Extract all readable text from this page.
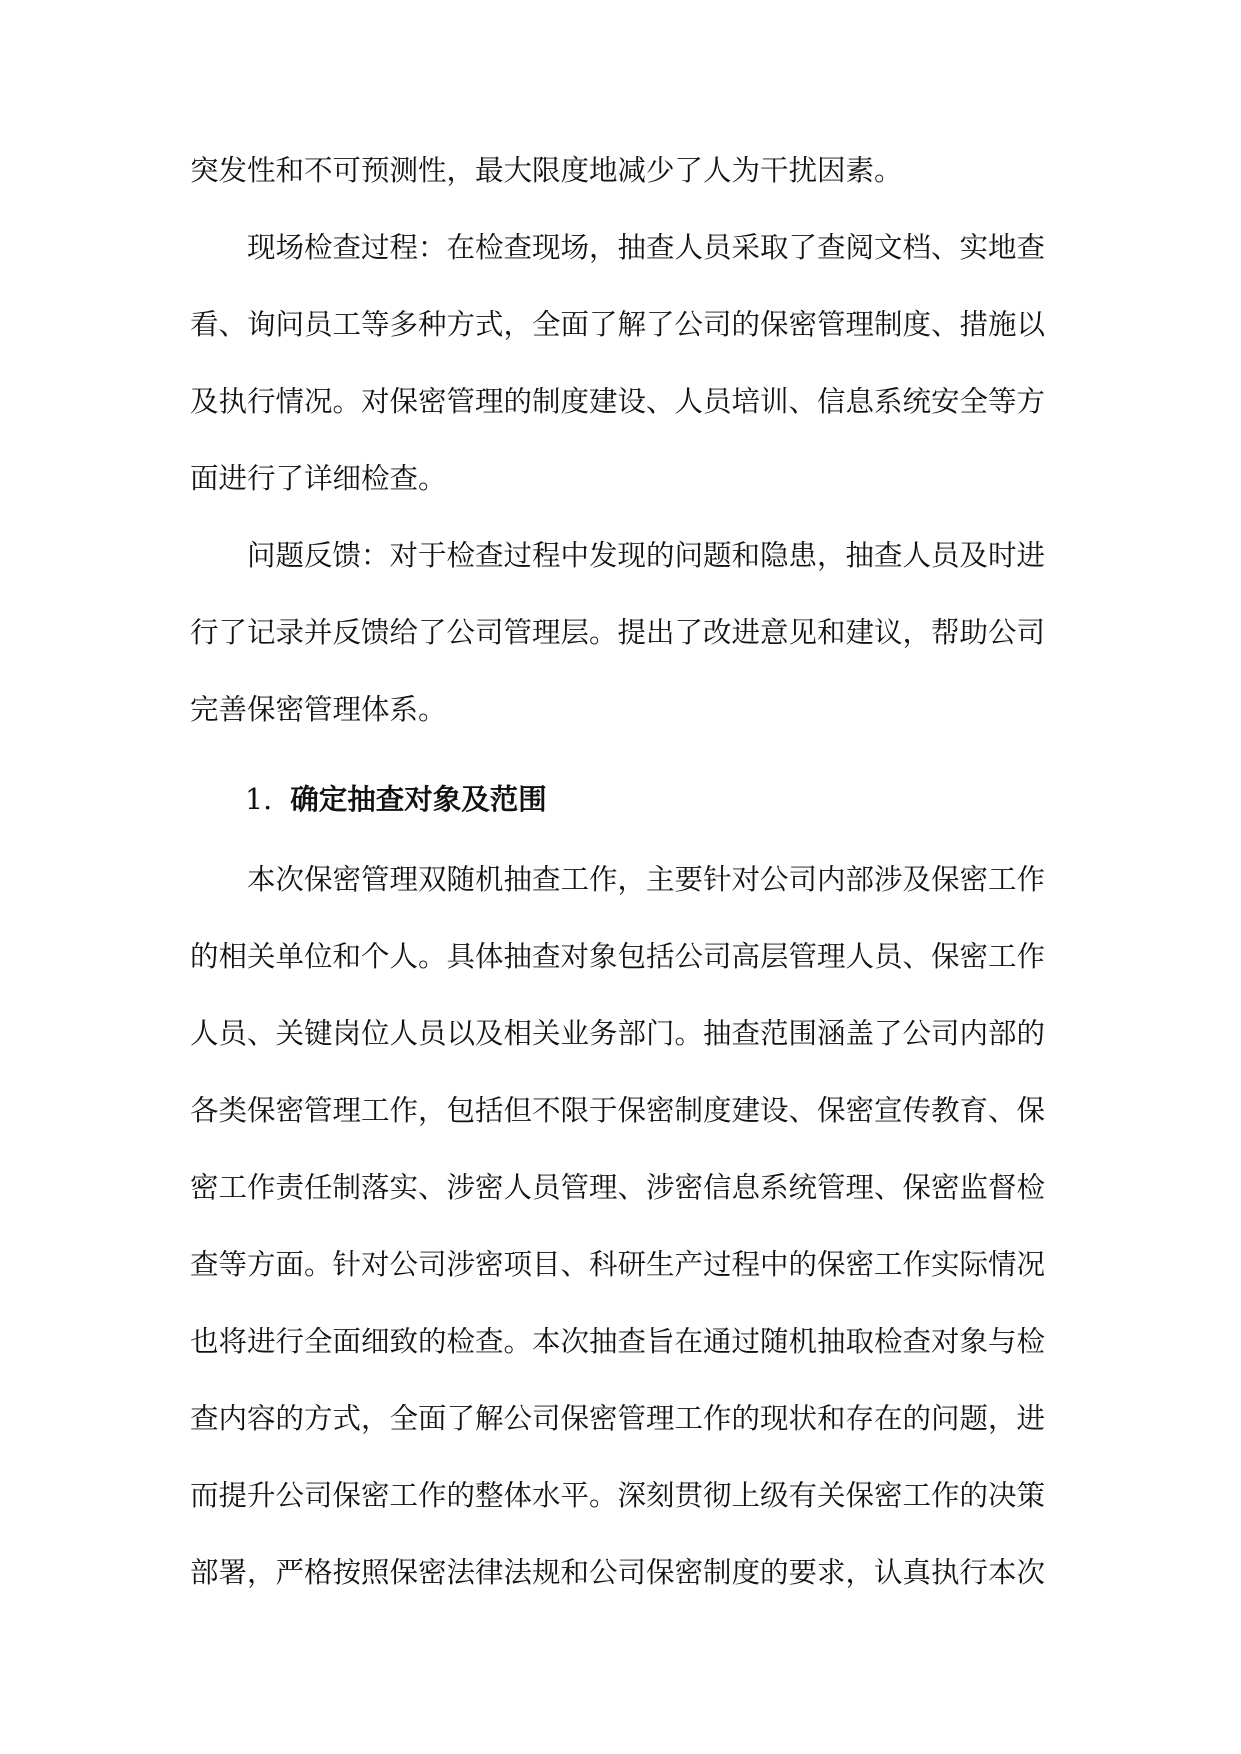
突发性和不可预测性，最大限度地减少了人为干扰因素。
现场检查过程：在检查现场，抽查人员采取了查阅文档、实地查
看、询问员工等多种方式，全面了解了公司的保密管理制度、措施以
及执行情况。对保密管理的制度建设、人员培训、信息系统安全等方
面进行了详细检查。
问题反馈：对于检查过程中发现的问题和隐患，抽查人员及时进
行了记录并反馈给了公司管理层。提出了改进意见和建议，帮助公司
完善保密管理体系。
1. 确定抽查对象及范围
本次保密管理双随机抽查工作，主要针对公司内部涉及保密工作
的相关单位和个人。具体抽查对象包括公司高层管理人员、保密工作
人员、关键岗位人员以及相关业务部门。抽查范围涵盖了公司内部的
各类保密管理工作，包括但不限于保密制度建设、保密宣传教育、保
密工作责任制落实、涉密人员管理、涉密信息系统管理、保密监督检
查等方面。针对公司涉密项目、科研生产过程中的保密工作实际情况
也将进行全面细致的检查。本次抽查旨在通过随机抽取检查对象与检
查内容的方式，全面了解公司保密管理工作的现状和存在的问题，进
而提升公司保密工作的整体水平。深刻贯彻上级有关保密工作的决策
部署，严格按照保密法律法规和公司保密制度的要求，认真执行本次
